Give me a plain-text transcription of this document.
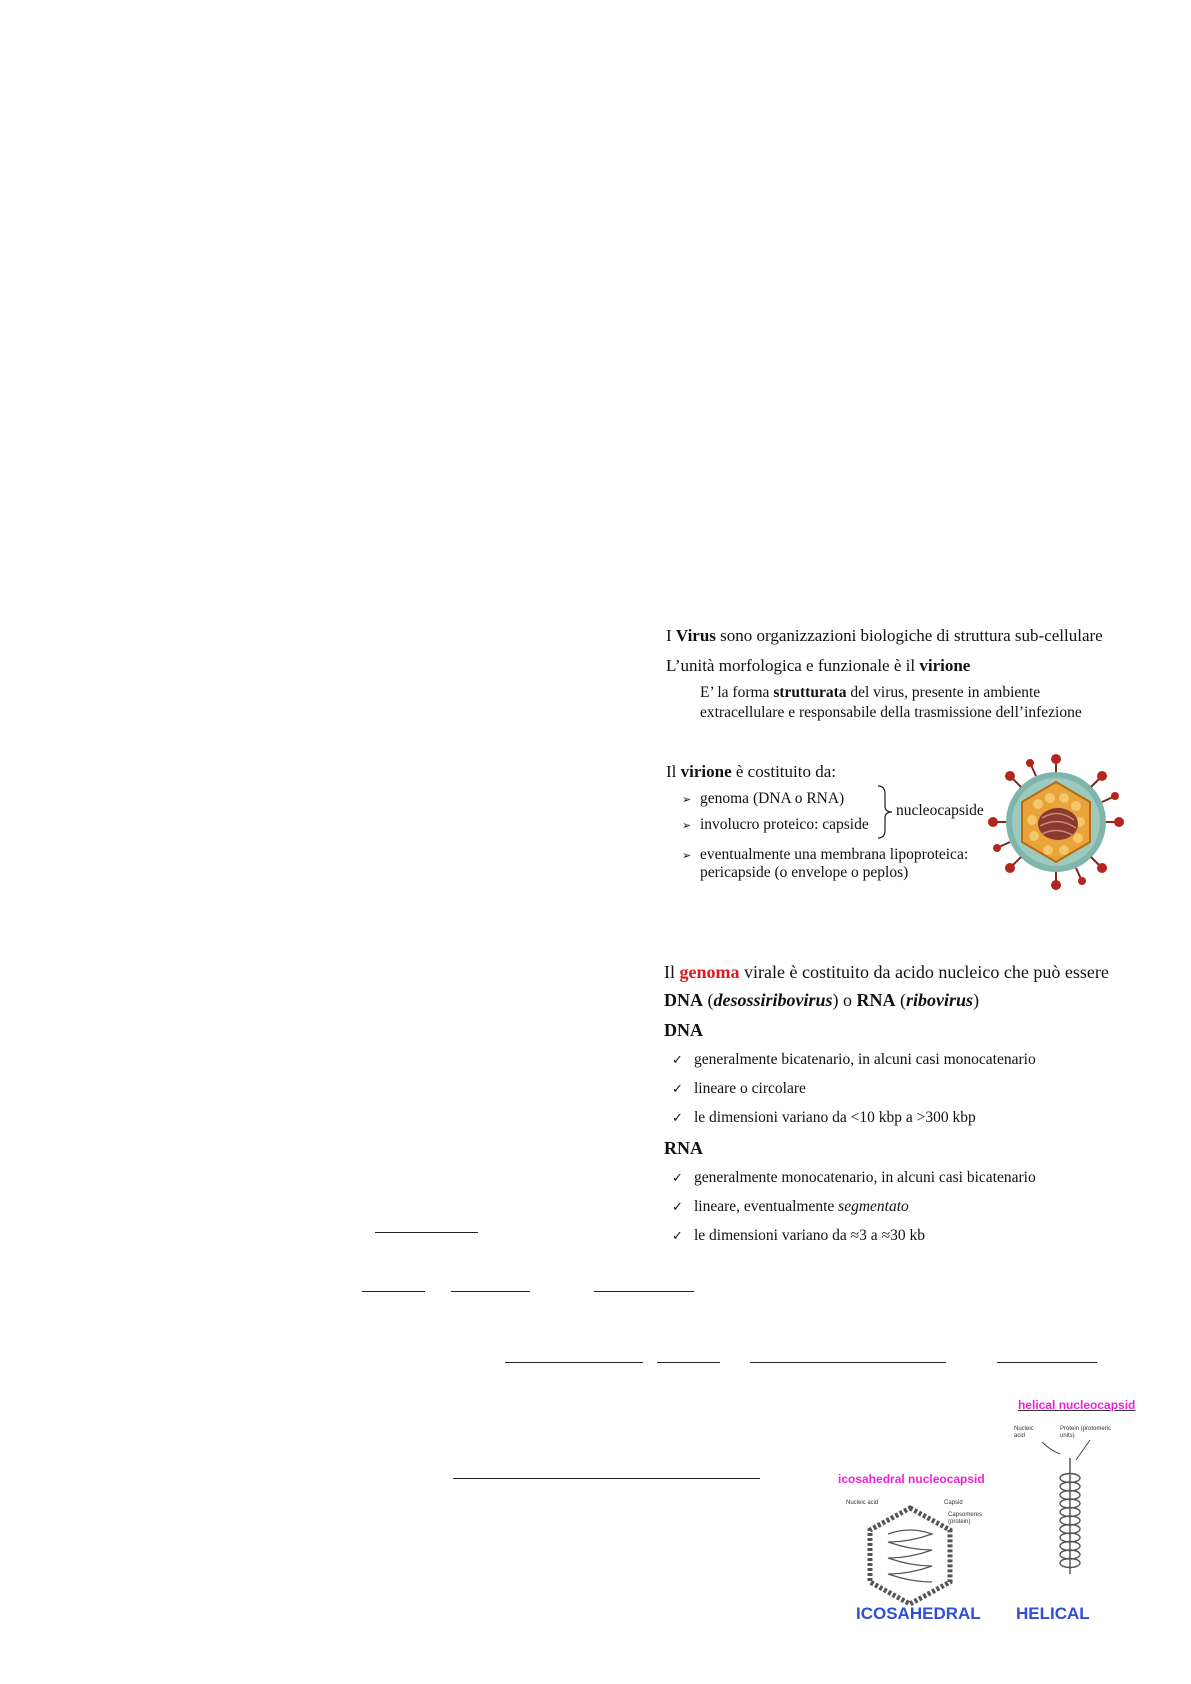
I Virus sono organizzazioni biologiche di struttura sub-cellulare
L’unità morfologica e funzionale è il virione
E’ la forma strutturata del virus, presente in ambiente
extracellulare e responsabile della trasmissione dell’infezione
Il virione è costituito da:
➢ genoma (DNA o RNA)
➢ involucro proteico: capside
nucleocapside
➢ eventualmente una membrana lipoproteica:
pericapside (o envelope o peplos)
Il genoma virale è costituito da acido nucleico che può essere
DNA (desossiribovirus) o RNA (ribovirus)
DNA
✓ generalmente bicatenario, in alcuni casi monocatenario
✓ lineare o circolare
✓ le dimensioni variano da <10 kbp a >300 kbp
RNA
✓ generalmente monocatenario, in alcuni casi bicatenario
✓ lineare, eventualmente segmentato
✓ le dimensioni variano da ≈3 a ≈30 kb
helical nucleocapsid
Nucleic acid
Protein (protomeric units)
icosahedral nucleocapsid
Nucleic acid	Capsid
Capsomeres (protein)
ICOSAHEDRAL HELICAL
